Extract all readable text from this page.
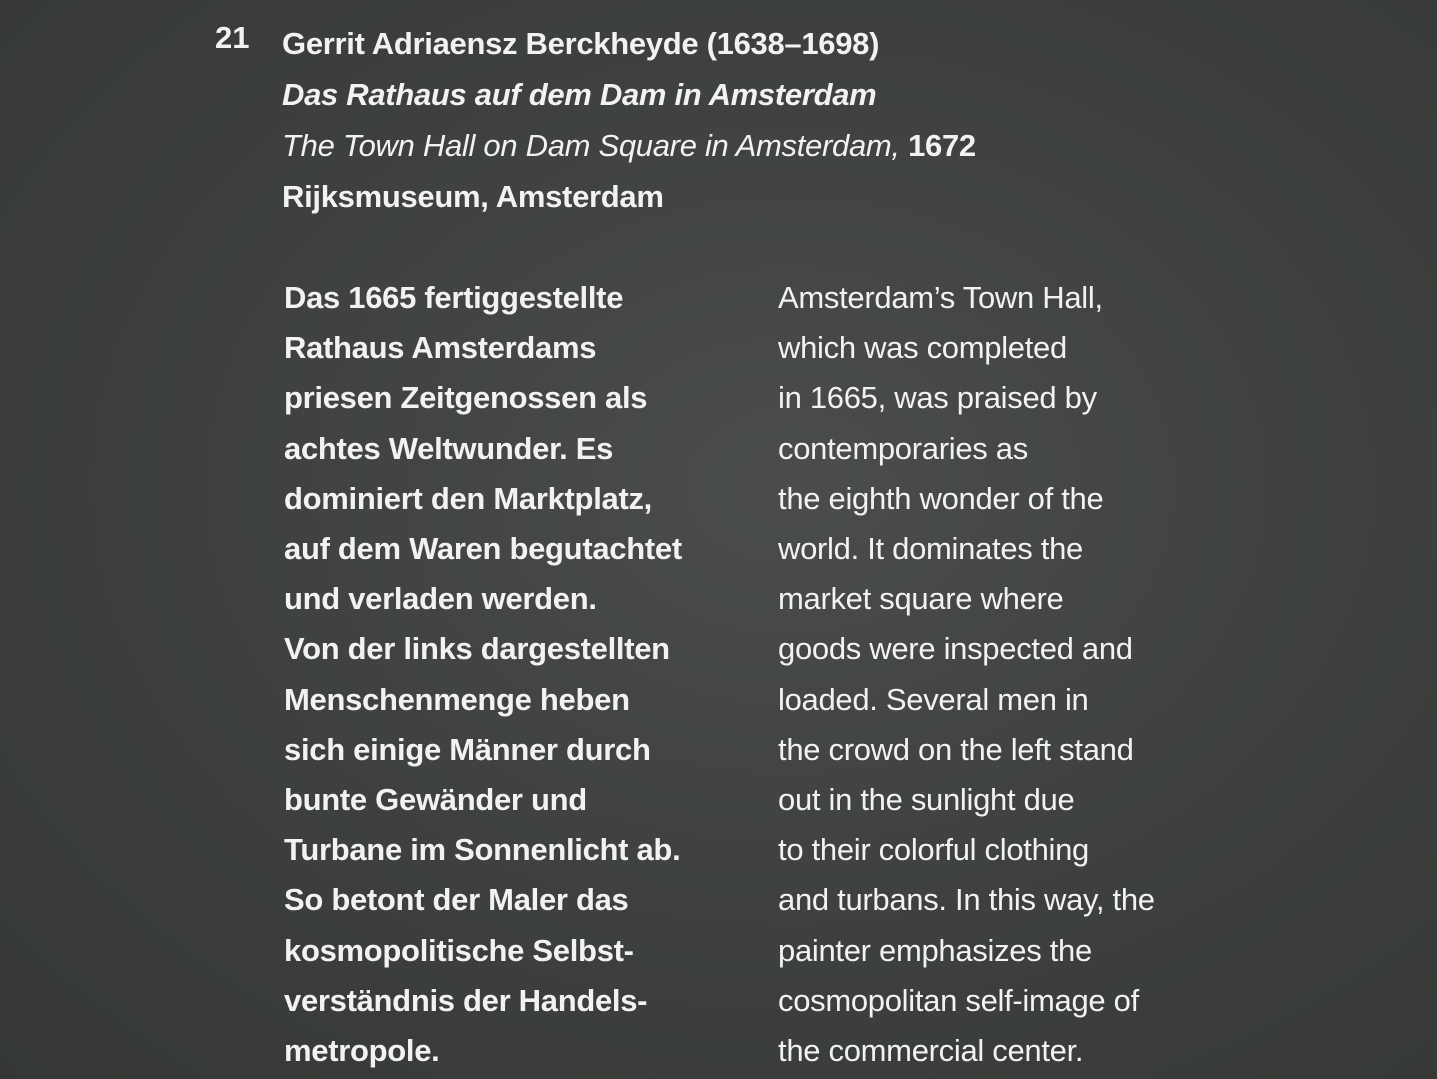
21 Gerrit Adriaensz Berckheyde (1638–1698)
Das Rathaus auf dem Dam in Amsterdam
The Town Hall on Dam Square in Amsterdam, 1672
Rijksmuseum, Amsterdam
Das 1665 fertiggestellte
Rathaus Amsterdams
priesen Zeitgenossen als
achtes Weltwunder. Es
dominiert den Marktplatz,
auf dem Waren begutachtet
und verladen werden.
Von der links dargestellten
Menschenmenge heben
sich einige Männer durch
bunte Gewänder und
Turbane im Sonnenlicht ab.
So betont der Maler das
kosmopolitische Selbst-
verständnis der Handels-
metropole.
Amsterdam’s Town Hall,
which was completed
in 1665, was praised by
contemporaries as
the eighth wonder of the
world. It dominates the
market square where
goods were inspected and
loaded. Several men in
the crowd on the left stand
out in the sunlight due
to their colorful clothing
and turbans. In this way, the
painter emphasizes the
cosmopolitan self-image of
the commercial center.
